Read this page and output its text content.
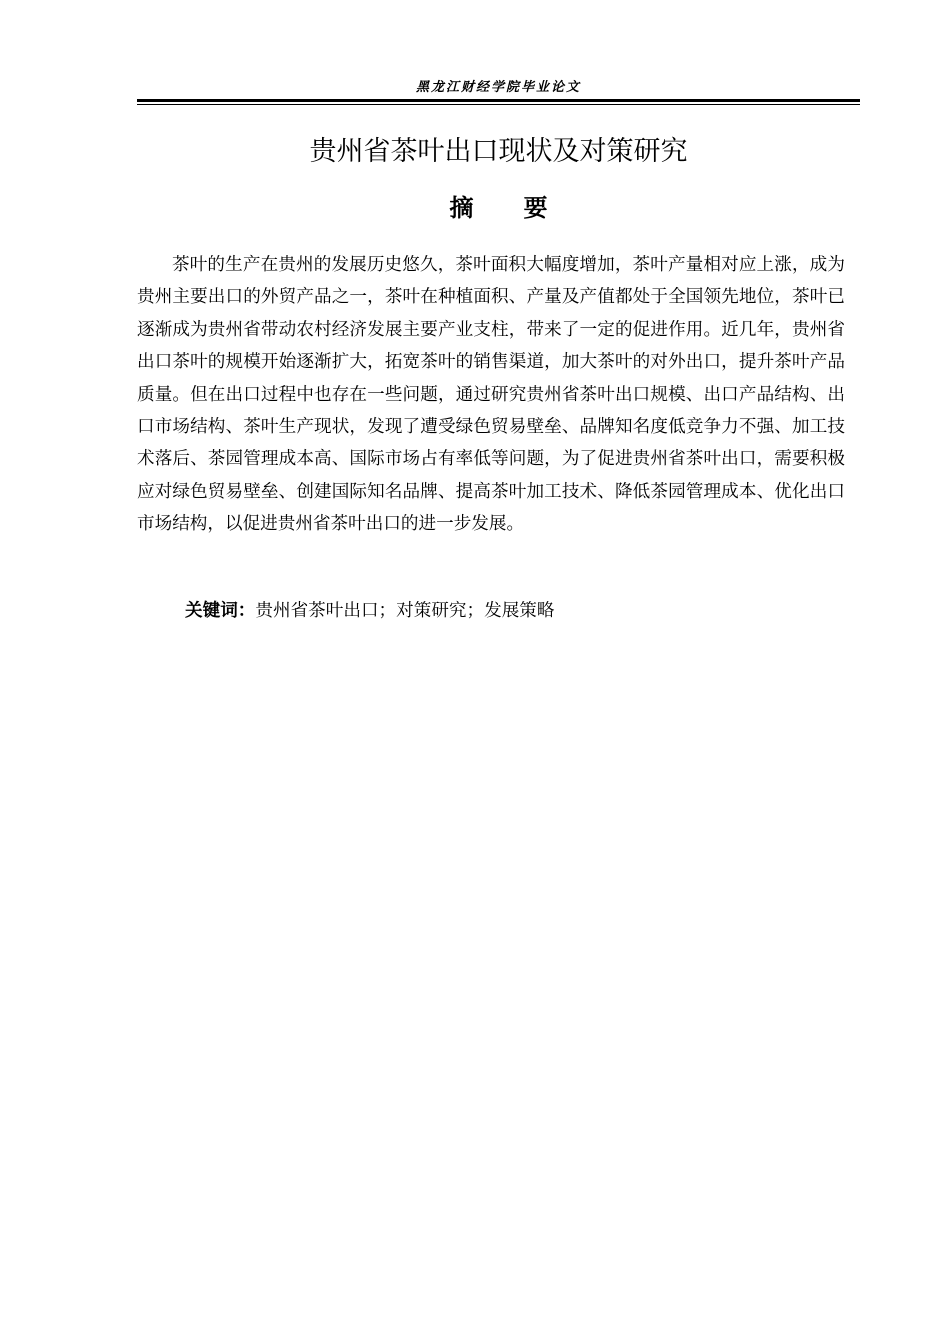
黑龙江财经学院毕业论文
贵州省茶叶出口现状及对策研究
摘 要

茶叶的生产在贵州的发展历史悠久，茶叶面积大幅度增加，茶叶产量相对应上涨，成为贵州主要出口的外贸产品之一，茶叶在种植面积、产量及产值都处于全国领先地位，茶叶已逐渐成为贵州省带动农村经济发展主要产业支柱，带来了一定的促进作用。近几年，贵州省出口茶叶的规模开始逐渐扩大，拓宽茶叶的销售渠道，加大茶叶的对外出口，提升茶叶产品质量。但在出口过程中也存在一些问题，通过研究贵州省茶叶出口规模、出口产品结构、出口市场结构、茶叶生产现状，发现了遭受绿色贸易壁垒、品牌知名度低竞争力不强、加工技术落后、茶园管理成本高、国际市场占有率低等问题，为了促进贵州省茶叶出口，需要积极应对绿色贸易壁垒、创建国际知名品牌、提高茶叶加工技术、降低茶园管理成本、优化出口市场结构，以促进贵州省茶叶出口的进一步发展。

关键词：贵州省茶叶出口；对策研究；发展策略
